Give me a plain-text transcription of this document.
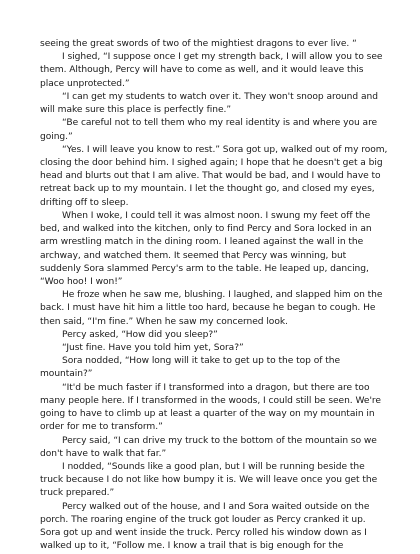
seeing the great swords of two of the mightiest dragons to ever live. “

I sighed, “I suppose once I get my strength back, I will allow you to see them. Although, Percy will have to come as well, and it would leave this place unprotected.”

“I can get my students to watch over it. They won't snoop around and will make sure this place is perfectly fine.”

“Be careful not to tell them who my real identity is and where you are going.”

“Yes. I will leave you know to rest.” Sora got up, walked out of my room, closing the door behind him. I sighed again; I hope that he doesn't get a big head and blurts out that I am alive. That would be bad, and I would have to retreat back up to my mountain. I let the thought go, and closed my eyes, drifting off to sleep.

When I woke, I could tell it was almost noon. I swung my feet off the bed, and walked into the kitchen, only to find Percy and Sora locked in an arm wrestling match in the dining room. I leaned against the wall in the archway, and watched them. It seemed that Percy was winning, but suddenly Sora slammed Percy's arm to the table. He leaped up, dancing, “Woo hoo! I won!”

He froze when he saw me, blushing. I laughed, and slapped him on the back. I must have hit him a little too hard, because he began to cough. He then said, “I'm fine.” When he saw my concerned look.

Percy asked, “How did you sleep?”

“Just fine. Have you told him yet, Sora?”

Sora nodded, “How long will it take to get up to the top of the mountain?”

“It'd be much faster if I transformed into a dragon, but there are too many people here. If I transformed in the woods, I could still be seen. We're going to have to climb up at least a quarter of the way on my mountain in order for me to transform.”

Percy said, “I can drive my truck to the bottom of the mountain so we don't have to walk that far.”

I nodded, “Sounds like a good plan, but I will be running beside the truck because I do not like how bumpy it is. We will leave once you get the truck prepared.”

Percy walked out of the house, and I and Sora waited outside on the porch. The roaring engine of the truck got louder as Percy cranked it up. Sora got up and went inside the truck. Percy rolled his window down as I walked up to it, “Follow me. I know a trail that is big enough for the
